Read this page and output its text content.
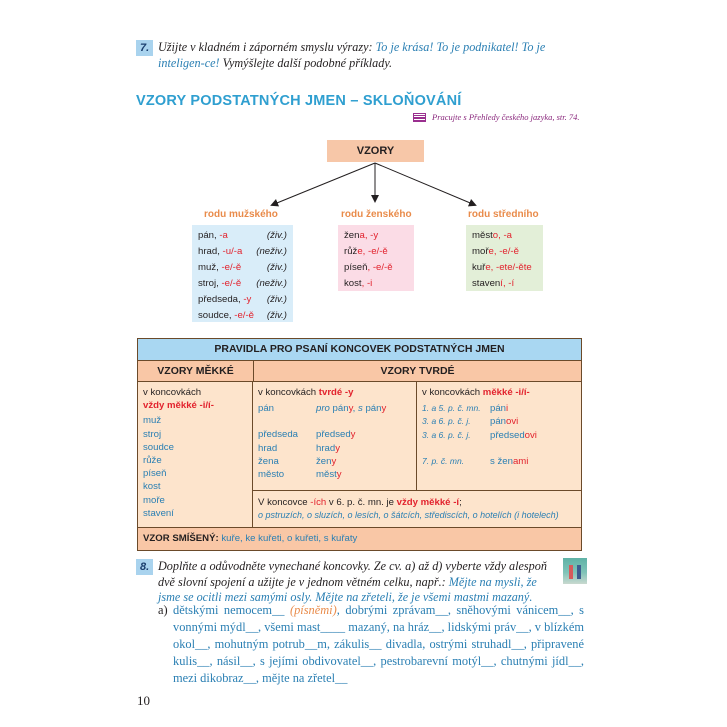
7. Užijte v kladném i záporném smyslu výrazy: To je krása! To je podnikatel! To je inteligen-ce! Vymýšlejte další podobné příklady.
VZORY PODSTATNÝCH JMEN – SKLOŇOVÁNÍ
Pracujte s Přehledy českého jazyka, str. 74.
VZORY
rodu mužského	rodu ženského	rodu středního
pán, -a	(živ.)
hrad, -u/-a (neživ.)
muž, -e/-ě	(živ.)
stroj, -e/-ě (neživ.)
předseda, -y (živ.)
soudce, -e/-ě (živ.)
žena, -y
růže, -e/-ě
píseň, -e/-ě
kost, -i
město, -a
moře, -e/-ě
kuře, -ete/-ěte
stavení, -í
PRAVIDLA PRO PSANÍ KONCOVEK PODSTATNÝCH JMEN
VZORY MĚKKÉ	VZORY TVRDÉ
v koncovkách
vždy měkké -i/í-
muž
stroj
soudce
růže
píseň
kost
moře
stavení
v koncovkách tvrdé -y
pán	pro pány, s pány
předseda	předsedy
hrad	hrady
žena	ženy
město	městy
v koncovkách měkké -i/í-
1. a 5. p. č. mn. páni
3. a 6. p. č. j.	pánovi
3. a 6. p. č. j.	předsedovi
7. p. č. mn.	s ženami
V koncovce -ích v 6. p. č. mn. je vždy měkké -í;
o pstruzích, o sluzích, o lesích, o šátcích, střediscích, o hotelích (i hotelech)
VZOR SMÍŠENÝ: kuře, ke kuřeti, o kuřeti, s kuřaty
8. Doplňte a odůvodněte vynechané koncovky. Ze cv. a) až d) vyberte vždy alespoň dvě slovní spojení a užijte je v jednom větném celku, např.: Mějte na mysli, že jsme se ocitli mezi samými osly. Mějte na zřeteli, že je všemi mastmi mazaný.
a) dětskými nemocem__ (písněmi), dobrými zprávam__, sněhovými vánicem__, s vonnými mýdl__, všemi mast____ mazaný, na hráz__, lidskými práv__, v blízkém okol__, mohutným potrub__m, zákulis__ divadla, ostrými struhadl__, připravené kulis__, násil__, s jejími obdivovatel__, pestrobarevní motýl__, chutnými jídl__, mezi dikobraz__, mějte na zřetel__
10
